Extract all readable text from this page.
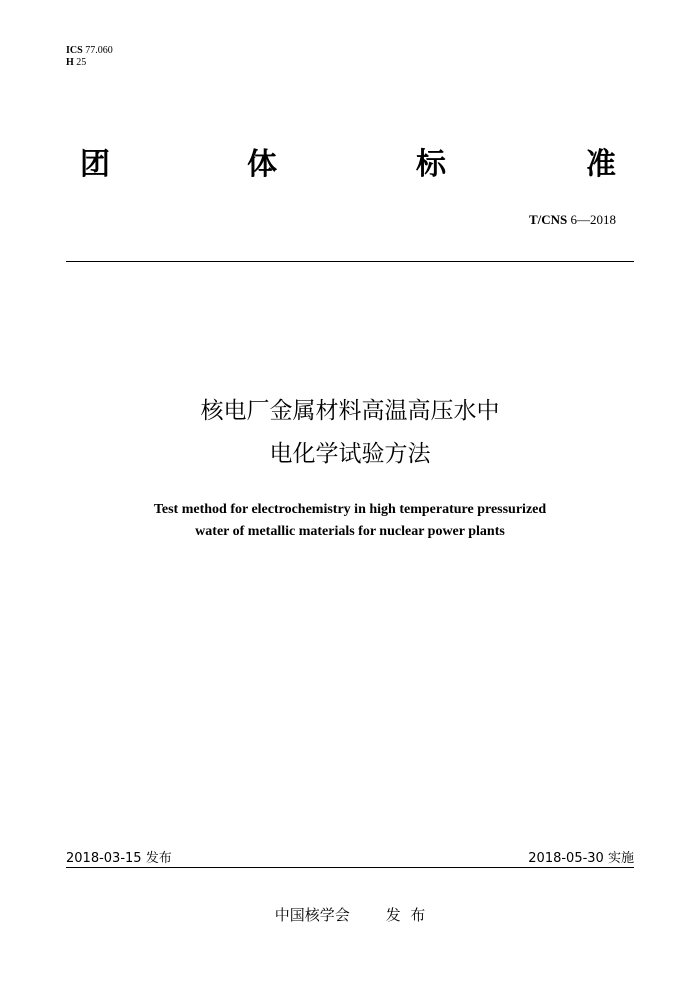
ICS 77.060
H 25
团	体	标	准
T/CNS 6—2018
核电厂金属材料高温高压水中
电化学试验方法
Test method for electrochemistry in high temperature pressurized
water of metallic materials for nuclear power plants
2018-03-15 发布	2018-05-30 实施
中国核学会 发  布
